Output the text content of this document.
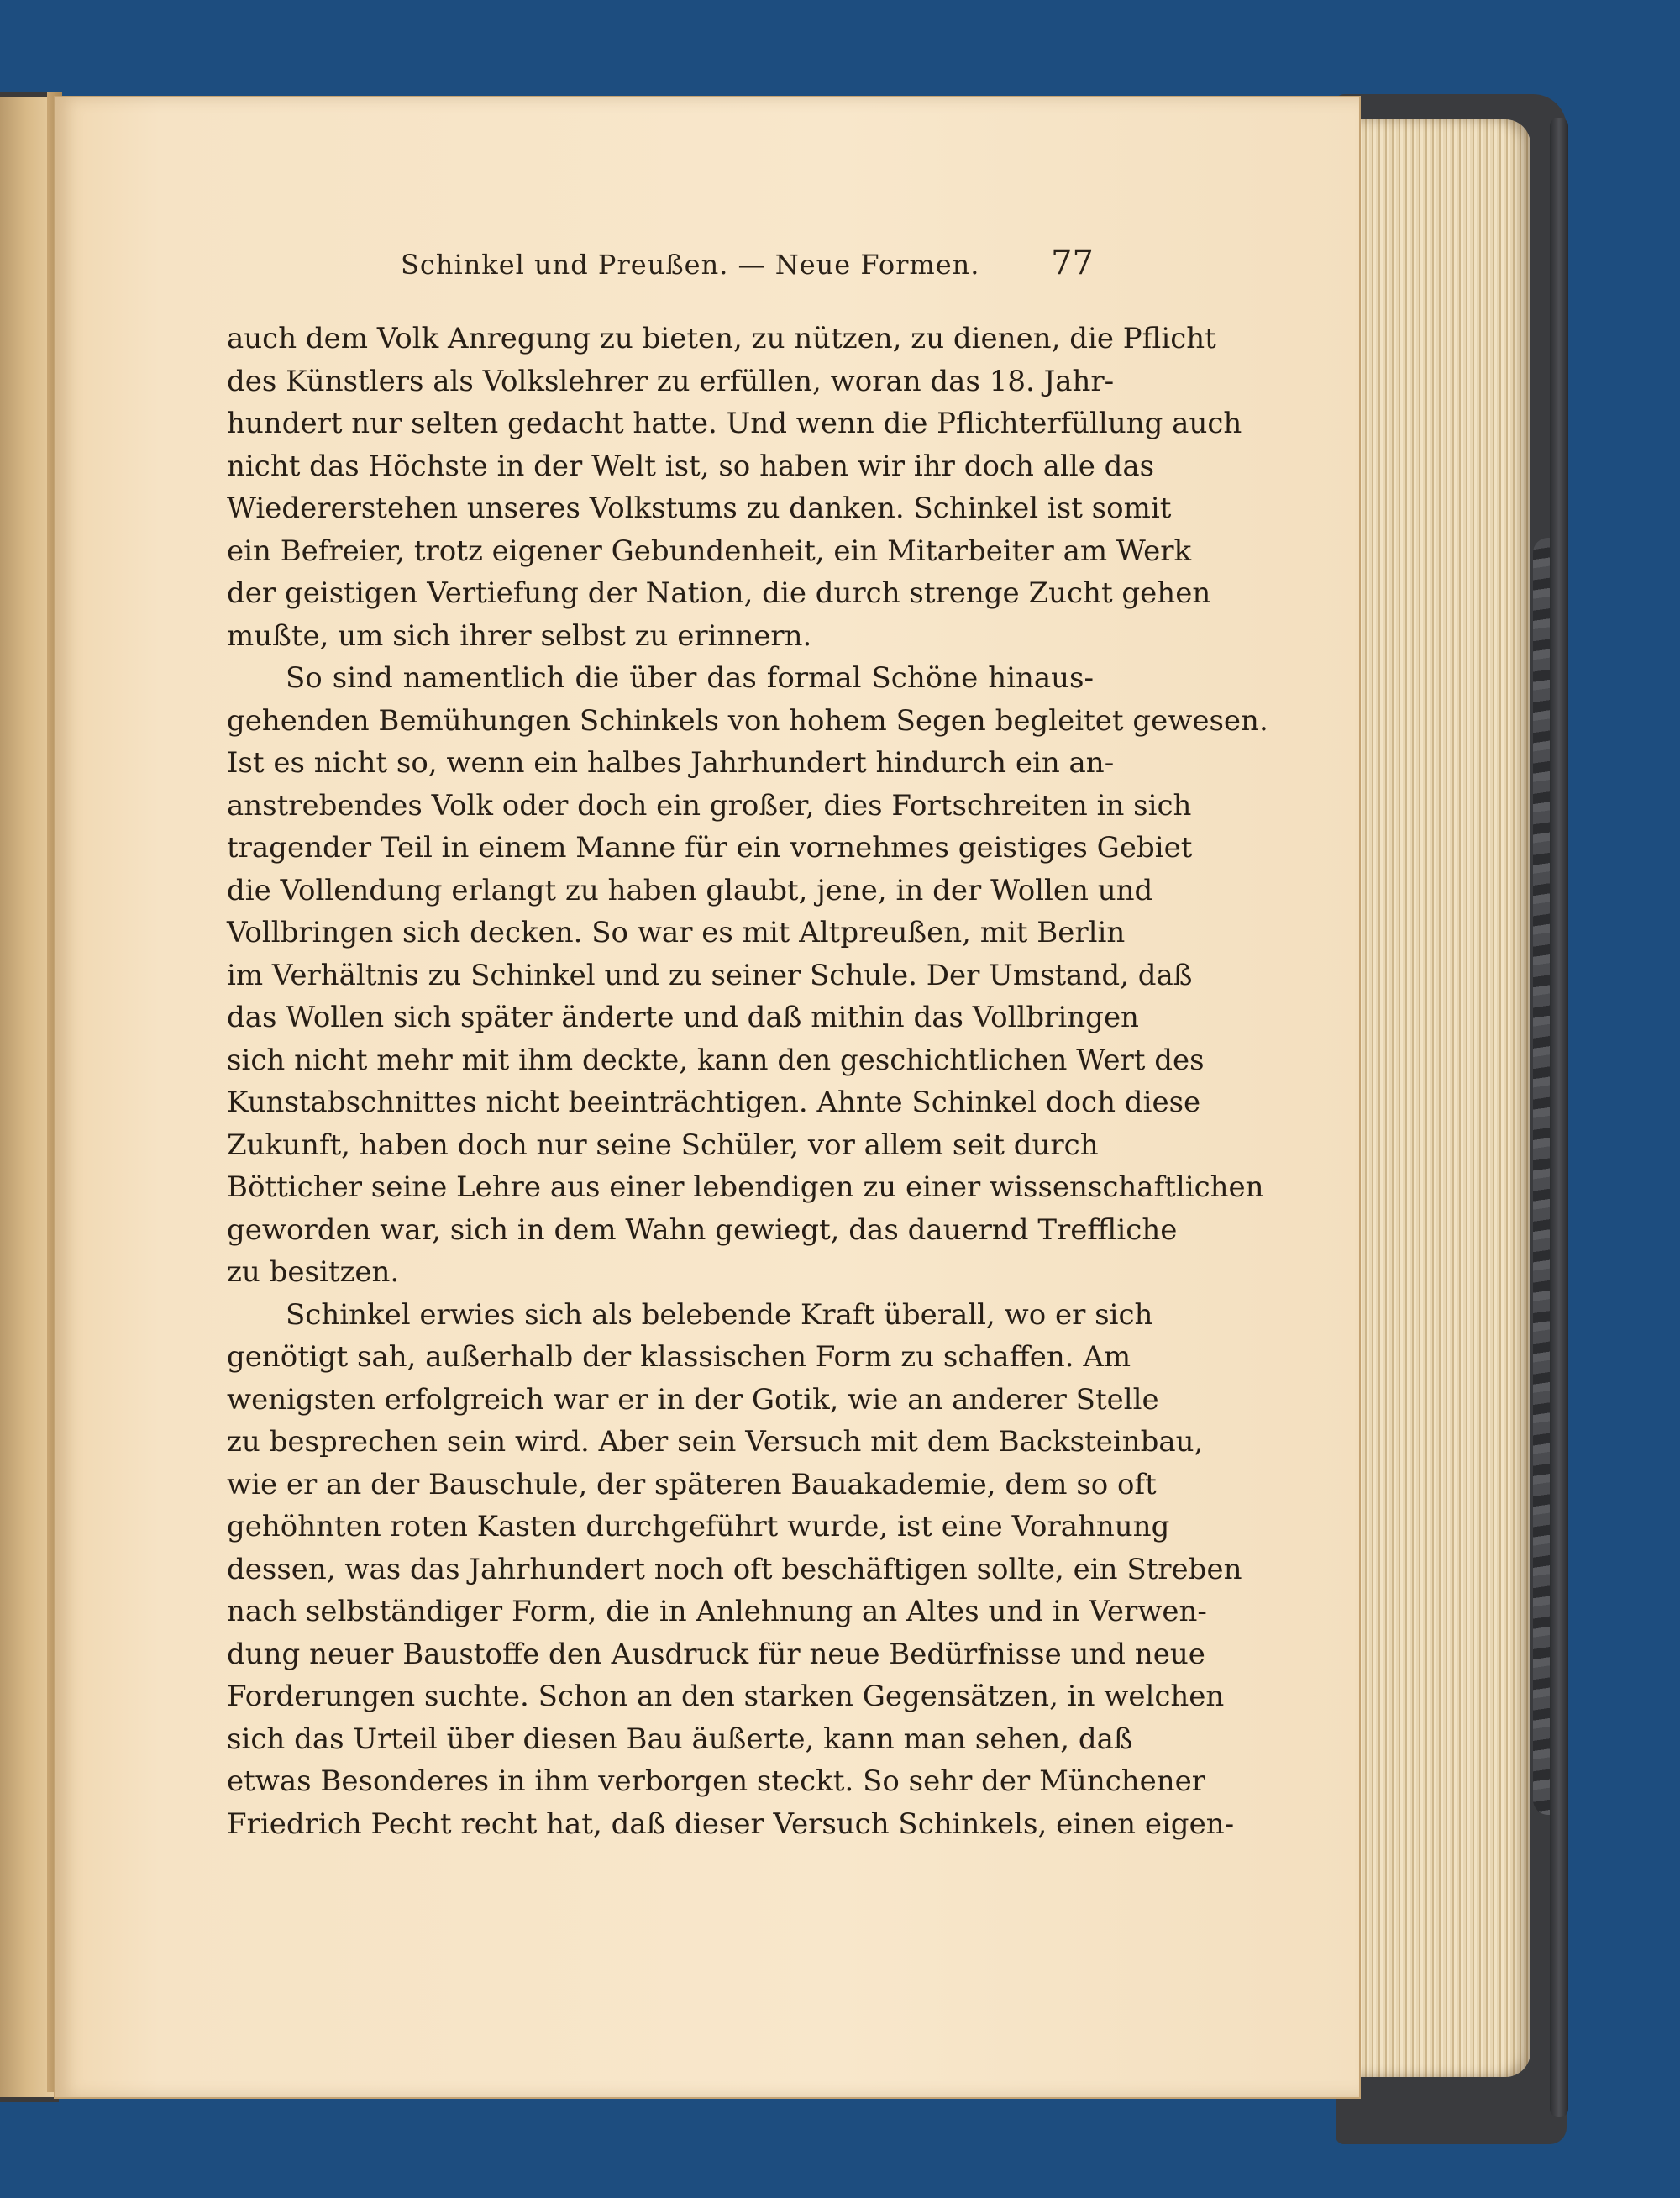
Schinkel und Preußen. — Neue Formen. 77
auch dem Volk Anregung zu bieten, zu nützen, zu dienen, die Pflicht
des Künstlers als Volkslehrer zu erfüllen, woran das 18. Jahr-
hundert nur selten gedacht hatte. Und wenn die Pflichterfüllung auch
nicht das Höchste in der Welt ist, so haben wir ihr doch alle das
Wiedererstehen unseres Volkstums zu danken. Schinkel ist somit
ein Befreier, trotz eigener Gebundenheit, ein Mitarbeiter am Werk
der geistigen Vertiefung der Nation, die durch strenge Zucht gehen
mußte, um sich ihrer selbst zu erinnern.
So sind namentlich die über das formal Schöne hinaus-
gehenden Bemühungen Schinkels von hohem Segen begleitet gewesen.
Ist es nicht so, wenn ein halbes Jahrhundert hindurch ein an-
anstrebendes Volk oder doch ein großer, dies Fortschreiten in sich
tragender Teil in einem Manne für ein vornehmes geistiges Gebiet
die Vollendung erlangt zu haben glaubt, jene, in der Wollen und
Vollbringen sich decken. So war es mit Altpreußen, mit Berlin
im Verhältnis zu Schinkel und zu seiner Schule. Der Umstand, daß
das Wollen sich später änderte und daß mithin das Vollbringen
sich nicht mehr mit ihm deckte, kann den geschichtlichen Wert des
Kunstabschnittes nicht beeinträchtigen. Ahnte Schinkel doch diese
Zukunft, haben doch nur seine Schüler, vor allem seit durch
Bötticher seine Lehre aus einer lebendigen zu einer wissenschaftlichen
geworden war, sich in dem Wahn gewiegt, das dauernd Treffliche
zu besitzen.
Schinkel erwies sich als belebende Kraft überall, wo er sich
genötigt sah, außerhalb der klassischen Form zu schaffen. Am
wenigsten erfolgreich war er in der Gotik, wie an anderer Stelle
zu besprechen sein wird. Aber sein Versuch mit dem Backsteinbau,
wie er an der Bauschule, der späteren Bauakademie, dem so oft
gehöhnten roten Kasten durchgeführt wurde, ist eine Vorahnung
dessen, was das Jahrhundert noch oft beschäftigen sollte, ein Streben
nach selbständiger Form, die in Anlehnung an Altes und in Verwen-
dung neuer Baustoffe den Ausdruck für neue Bedürfnisse und neue
Forderungen suchte. Schon an den starken Gegensätzen, in welchen
sich das Urteil über diesen Bau äußerte, kann man sehen, daß
etwas Besonderes in ihm verborgen steckt. So sehr der Münchener
Friedrich Pecht recht hat, daß dieser Versuch Schinkels, einen eigen-
